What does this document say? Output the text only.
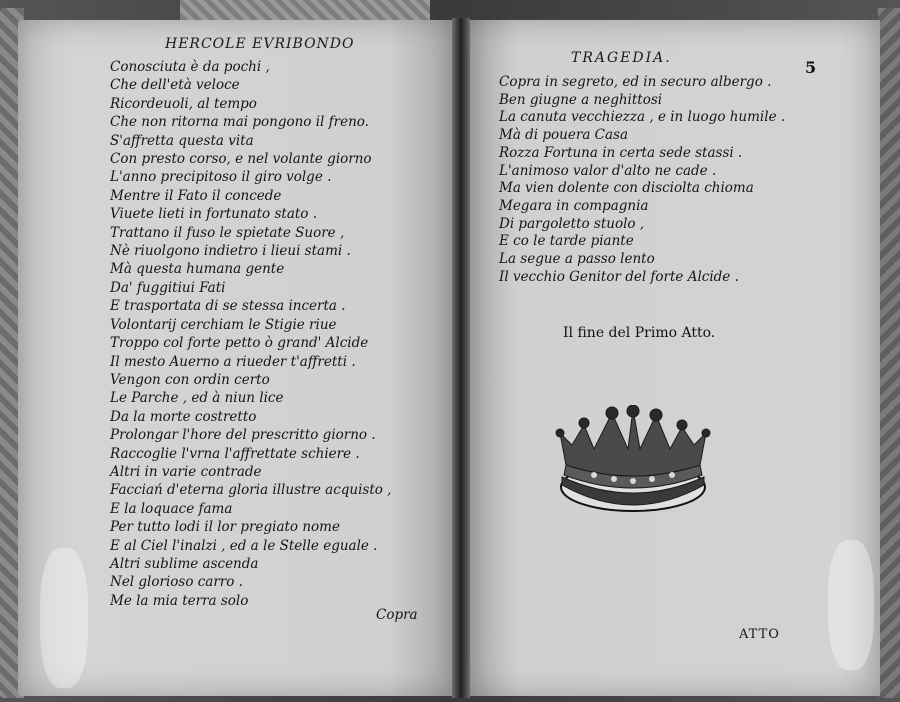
HERCOLE EVRIBONDO

Conosciuta è da pochi ,
Che dell'età veloce
Ricordeuoli, al tempo
Che non ritorna mai pongono il freno.
S'affretta questa vita
Con presto corso, e nel volante giorno
L'anno precipitoso il giro volge .
Mentre il Fato il concede
Viuete lieti in fortunato stato .
Trattano il fuso le spietate Suore ,
Nè riuolgono indietro i lieui stami .
Mà questa humana gente
Da' fuggitiui Fati
E trasportata di se stessa incerta .
Volontarij cerchiam le Stigie riue
Troppo col forte petto ò grand' Alcide
Il mesto Auerno a riueder t'affretti .
Vengon con ordin certo
Le Parche , ed à niun lice
Da la morte costretto
Prolongar l'hore del prescritto giorno .
Raccoglie l'vrna l'affrettate schiere .
Altri in varie contrade
Facciań d'eterna gloria illustre acquisto ,
E la loquace fama
Per tutto lodi il lor pregiato nome
E al Ciel l'inalzi , ed a le Stelle eguale .
Altri sublime ascenda
Nel glorioso carro .
Me la mia terra solo

Copra

TRAGEDIA.	5
Copra in segreto, ed in securo albergo .
Ben giugne a neghittosi
La canuta vecchiezza , e in luogo humile .
Mà di pouera Casa
Rozza Fortuna in certa sede stassi .
L'animoso valor d'alto ne cade .
Ma vien dolente con disciolta chioma
Megara in compagnia
Di pargoletto stuolo ,
E co le tarde piante
La segue a passo lento
Il vecchio Genitor del forte Alcide .

Il fine del Primo Atto.

ATTO
